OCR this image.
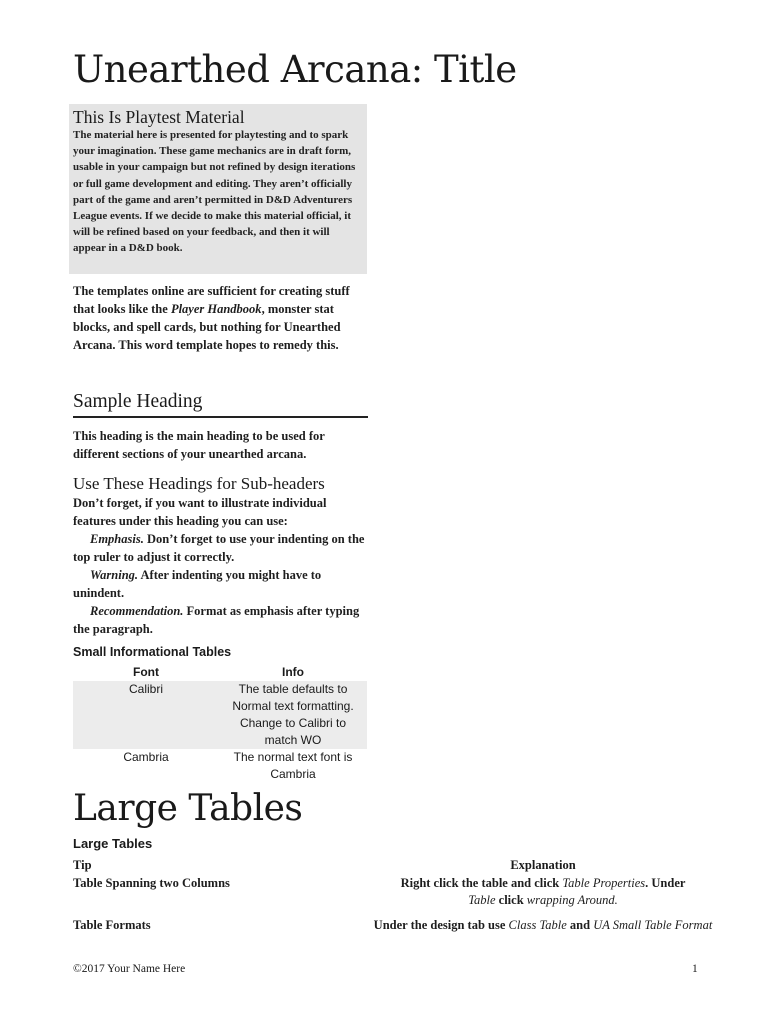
Unearthed Arcana: Title
This Is Playtest Material

The material here is presented for playtesting and to spark your imagination. These game mechanics are in draft form, usable in your campaign but not refined by design iterations or full game development and editing. They aren’t officially part of the game and aren’t permitted in D&D Adventurers League events. If we decide to make this material official, it will be refined based on your feedback, and then it will appear in a D&D book.

The templates online are sufficient for creating stuff that looks like the Player Handbook, monster stat blocks, and spell cards, but nothing for Unearthed Arcana. This word template hopes to remedy this.

Sample Heading

This heading is the main heading to be used for different sections of your unearthed arcana.

Use These Headings for Sub-headers

Don’t forget, if you want to illustrate individual features under this heading you can use:

Emphasis. Don’t forget to use your indenting on the top ruler to adjust it correctly.

Warning. After indenting you might have to unindent.

Recommendation. Format as emphasis after typing the paragraph.

Small Informational Tables
Font	Info
Calibri	The table defaults to Normal text formatting. Change to Calibri to match WO
Cambria	The normal text font is Cambria
Large Tables
Large Tables
Tip	Explanation
Table Spanning two Columns	Right click the table and click Table Properties. Under
Table click wrapping Around.

Table Formats	Under the design tab use Class Table and UA Small Table Format
©2017 Your Name Here	1
